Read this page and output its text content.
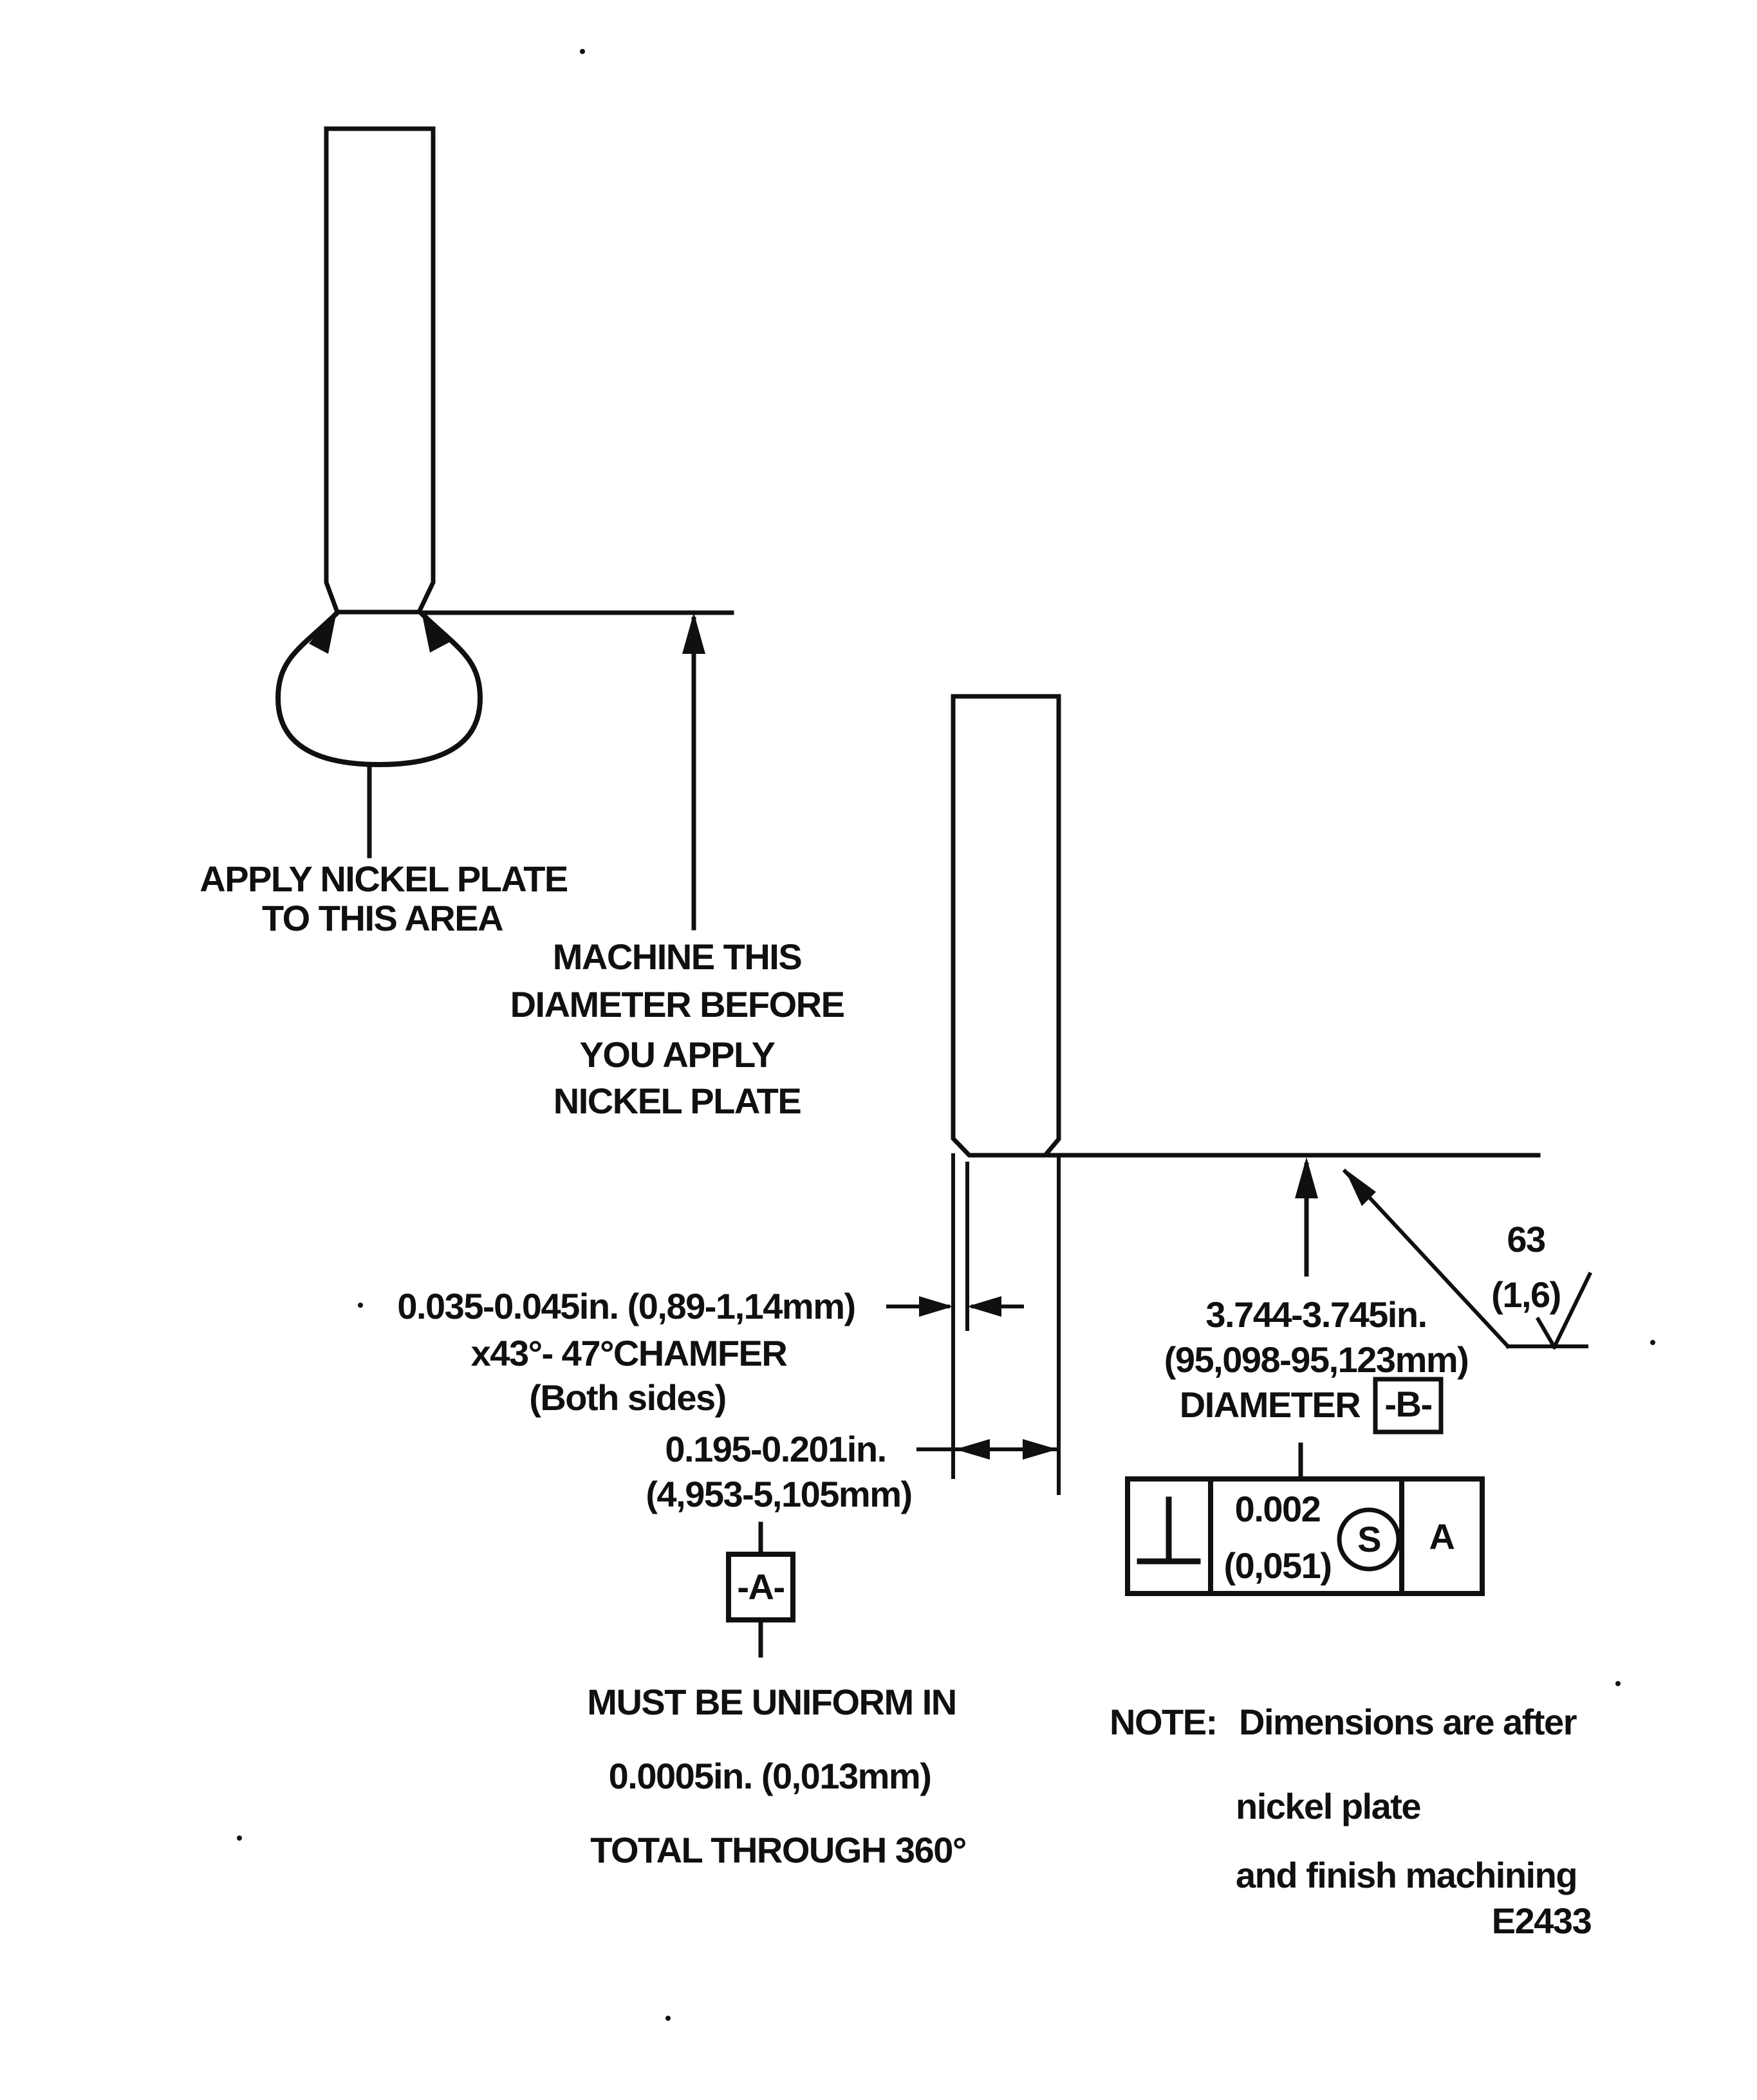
APPLY NICKEL PLATE
TO THIS AREA
MACHINE THIS
DIAMETER BEFORE
YOU APPLY
NICKEL PLATE
0.035-0.045in. (0,89-1,14mm)
x43°- 47°CHAMFER
(Both sides)
0.195-0.201in.
(4,953-5,105mm)
-A-
MUST BE UNIFORM IN
0.0005in. (0,013mm)
TOTAL THROUGH 360°
3.744-3.745in.
(95,098-95,123mm)
DIAMETER -B-
0.002
(0,051)
S A
63
(1,6)
NOTE: Dimensions are after
nickel plate
and finish machining
E2433
